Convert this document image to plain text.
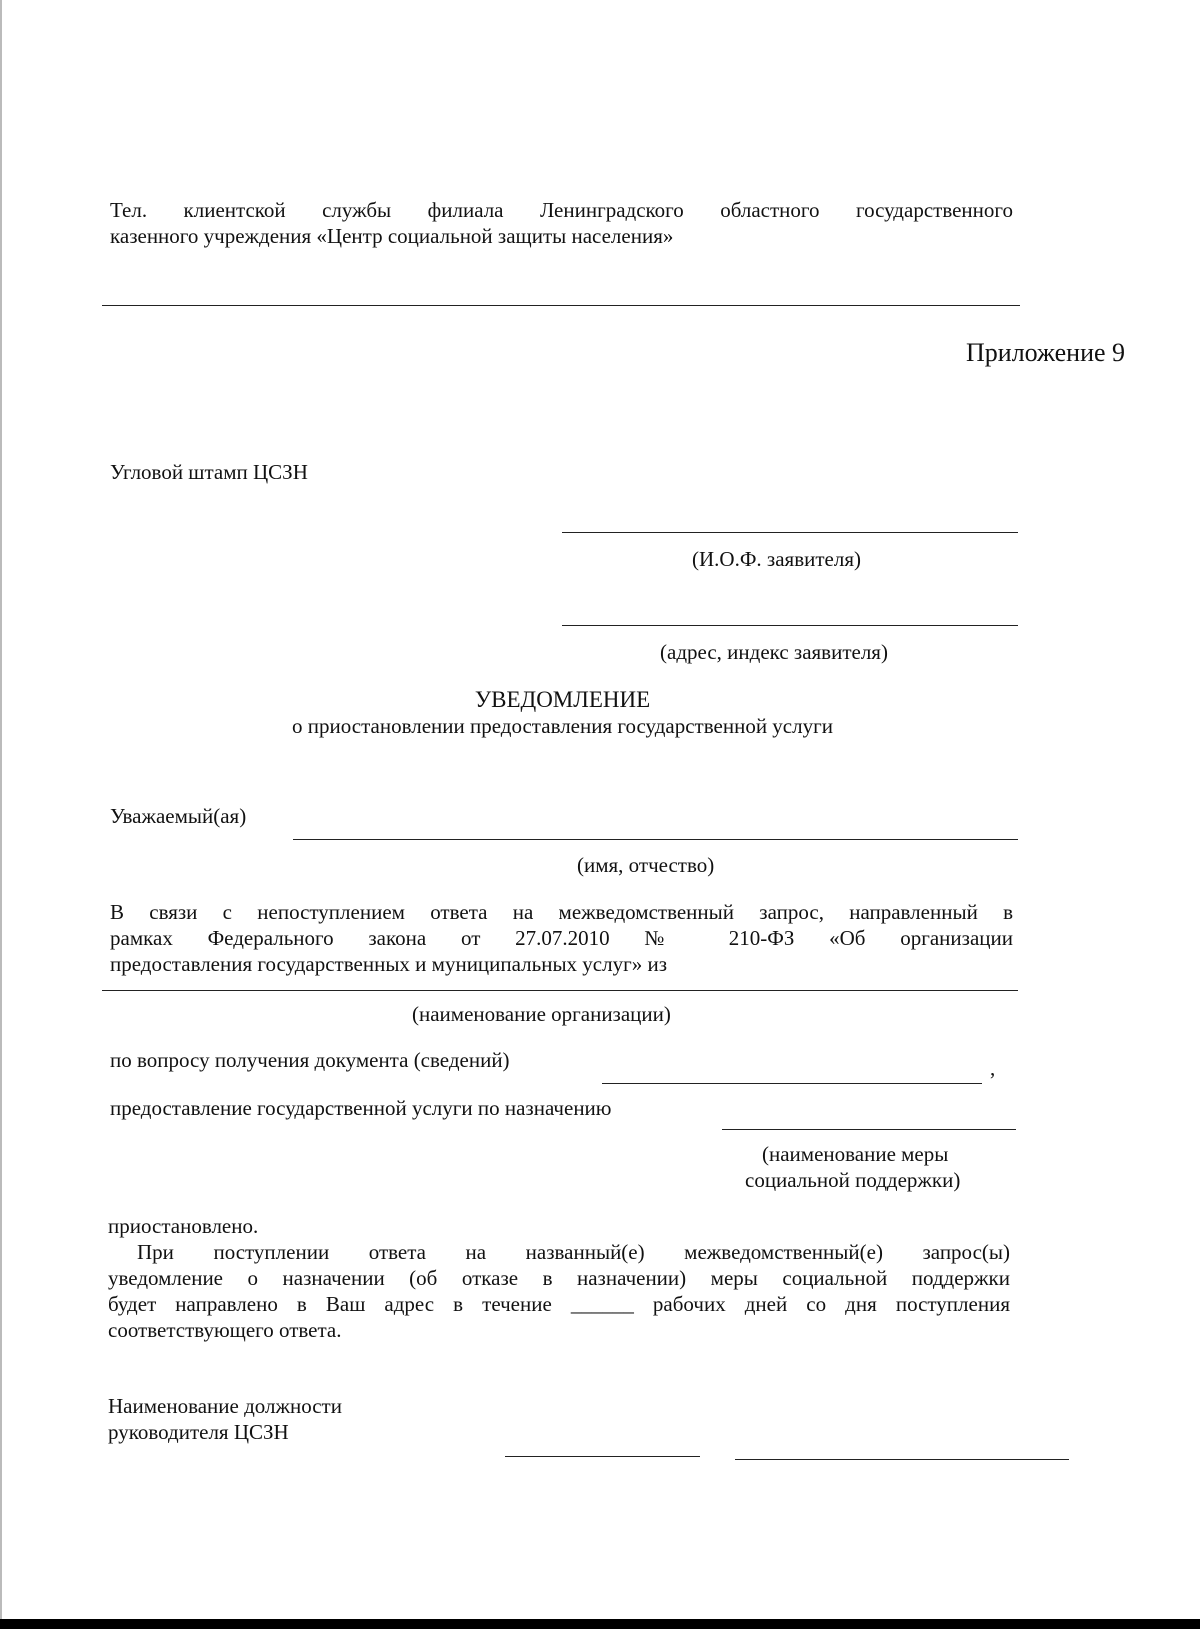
Тел. клиентской службы филиала Ленинградского областного государственного
казенного учреждения «Центр социальной защиты населения»
Приложение 9
Угловой штамп ЦСЗН
(И.О.Ф. заявителя)
(адрес, индекс заявителя)
УВЕДОМЛЕНИЕ
о приостановлении предоставления государственной услуги
Уважаемый(ая)
(имя, отчество)
В связи с непоступлением ответа на межведомственный запрос, направленный в
рамках Федерального закона от 27.07.2010 № 210-ФЗ «Об организации
предоставления государственных и муниципальных услуг» из
(наименование организации)
по вопросу получения документа (сведений)	,
предоставление государственной услуги по назначению
(наименование меры
социальной поддержки)
приостановлено.
При поступлении ответа на названный(е) межведомственный(е) запрос(ы)
уведомление о назначении (об отказе в назначении) меры социальной поддержки
будет направлено в Ваш адрес в течение ______ рабочих дней со дня поступления
соответствующего ответа.
Наименование должности
руководителя ЦСЗН
